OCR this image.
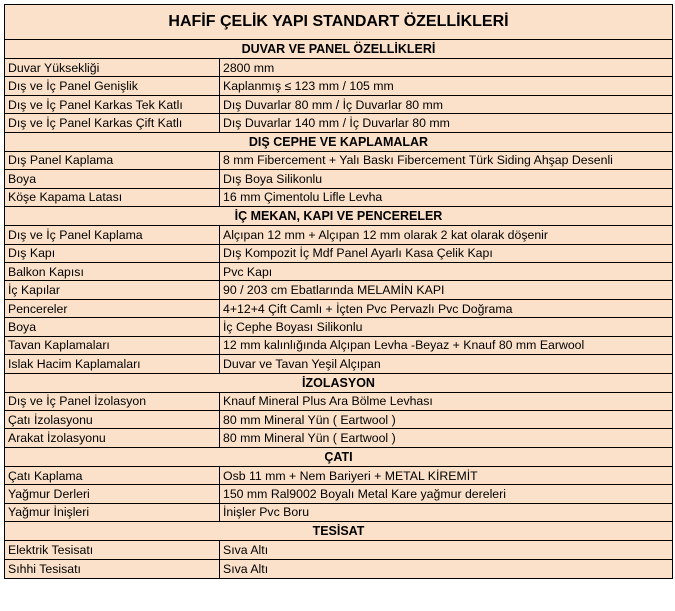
HAFİF ÇELİK YAPI STANDART ÖZELLİKLERİ
DUVAR VE PANEL ÖZELLİKLERİ
Duvar Yüksekliği	2800 mm
Dış ve İç Panel Genişlik	Kaplanmış ≤ 123 mm / 105 mm
Dış ve İç Panel Karkas Tek Katlı	Dış Duvarlar 80 mm / İç Duvarlar 80 mm
Dış ve İç Panel Karkas Çift Katlı	Dış Duvarlar 140 mm / İç Duvarlar 80 mm
DIŞ CEPHE VE KAPLAMALAR
Dış Panel Kaplama	8 mm Fibercement + Yalı Baskı Fibercement Türk Siding Ahşap Desenli
Boya	Dış Boya Silikonlu
Köşe Kapama Latası	16 mm Çimentolu Lifle Levha
İÇ MEKAN, KAPI VE PENCERELER
Dış ve İç Panel Kaplama	Alçıpan 12 mm + Alçıpan 12 mm olarak 2 kat olarak döşenir
Dış Kapı	Dış Kompozit İç Mdf Panel Ayarlı Kasa Çelik Kapı
Balkon Kapısı	Pvc Kapı
İç Kapılar	90 / 203 cm Ebatlarında MELAMİN KAPI
Pencereler	4+12+4 Çift Camlı + İçten Pvc Pervazlı Pvc Doğrama
Boya	İç Cephe Boyası Silikonlu
Tavan Kaplamaları	12 mm kalınlığında Alçıpan Levha -Beyaz + Knauf 80 mm Earwool
Islak Hacim Kaplamaları	Duvar ve Tavan Yeşil Alçıpan
İZOLASYON
Dış ve İç Panel İzolasyon	Knauf Mineral Plus Ara Bölme Levhası
Çatı İzolasyonu	80 mm Mineral Yün ( Eartwool )
Arakat İzolasyonu	80 mm Mineral Yün ( Eartwool )
ÇATI
Çatı Kaplama	Osb 11 mm + Nem Bariyeri + METAL KİREMİT
Yağmur Derleri	150 mm Ral9002 Boyalı Metal Kare yağmur dereleri
Yağmur İnişleri	İnişler Pvc Boru
TESİSAT
Elektrik Tesisatı	Sıva Altı
Sıhhi Tesisatı	Sıva Altı
